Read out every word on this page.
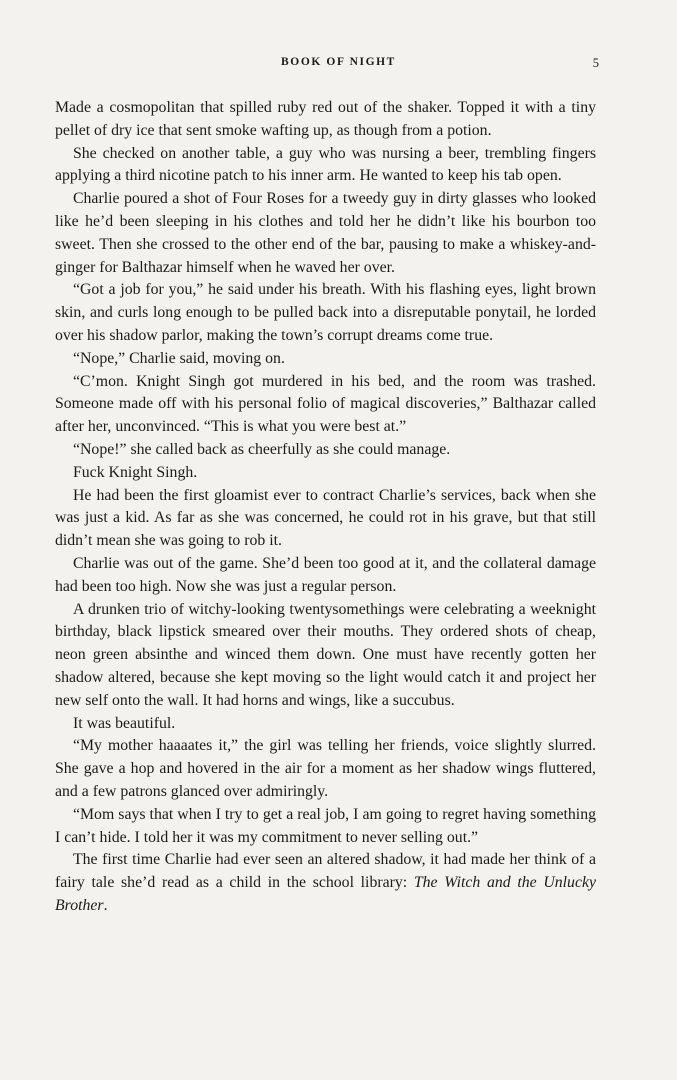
BOOK OF NIGHT	5

Made a cosmopolitan that spilled ruby red out of the shaker. Topped it with a tiny pellet of dry ice that sent smoke wafting up, as though from a potion.

She checked on another table, a guy who was nursing a beer, trembling fingers applying a third nicotine patch to his inner arm. He wanted to keep his tab open.

Charlie poured a shot of Four Roses for a tweedy guy in dirty glasses who looked like he’d been sleeping in his clothes and told her he didn’t like his bourbon too sweet. Then she crossed to the other end of the bar, pausing to make a whiskey-and-ginger for Balthazar himself when he waved her over.

“Got a job for you,” he said under his breath. With his flashing eyes, light brown skin, and curls long enough to be pulled back into a disreputable ponytail, he lorded over his shadow parlor, making the town’s corrupt dreams come true.

“Nope,” Charlie said, moving on.

“C’mon. Knight Singh got murdered in his bed, and the room was trashed. Someone made off with his personal folio of magical discoveries,” Balthazar called after her, unconvinced. “This is what you were best at.”

“Nope!” she called back as cheerfully as she could manage.

Fuck Knight Singh.

He had been the first gloamist ever to contract Charlie’s services, back when she was just a kid. As far as she was concerned, he could rot in his grave, but that still didn’t mean she was going to rob it.

Charlie was out of the game. She’d been too good at it, and the collateral damage had been too high. Now she was just a regular person.

A drunken trio of witchy-looking twentysomethings were celebrating a weeknight birthday, black lipstick smeared over their mouths. They ordered shots of cheap, neon green absinthe and winced them down. One must have recently gotten her shadow altered, because she kept moving so the light would catch it and project her new self onto the wall. It had horns and wings, like a succubus.

It was beautiful.

“My mother haaaates it,” the girl was telling her friends, voice slightly slurred. She gave a hop and hovered in the air for a moment as her shadow wings fluttered, and a few patrons glanced over admiringly.

“Mom says that when I try to get a real job, I am going to regret having something I can’t hide. I told her it was my commitment to never selling out.”

The first time Charlie had ever seen an altered shadow, it had made her think of a fairy tale she’d read as a child in the school library: The Witch and the Unlucky Brother.
